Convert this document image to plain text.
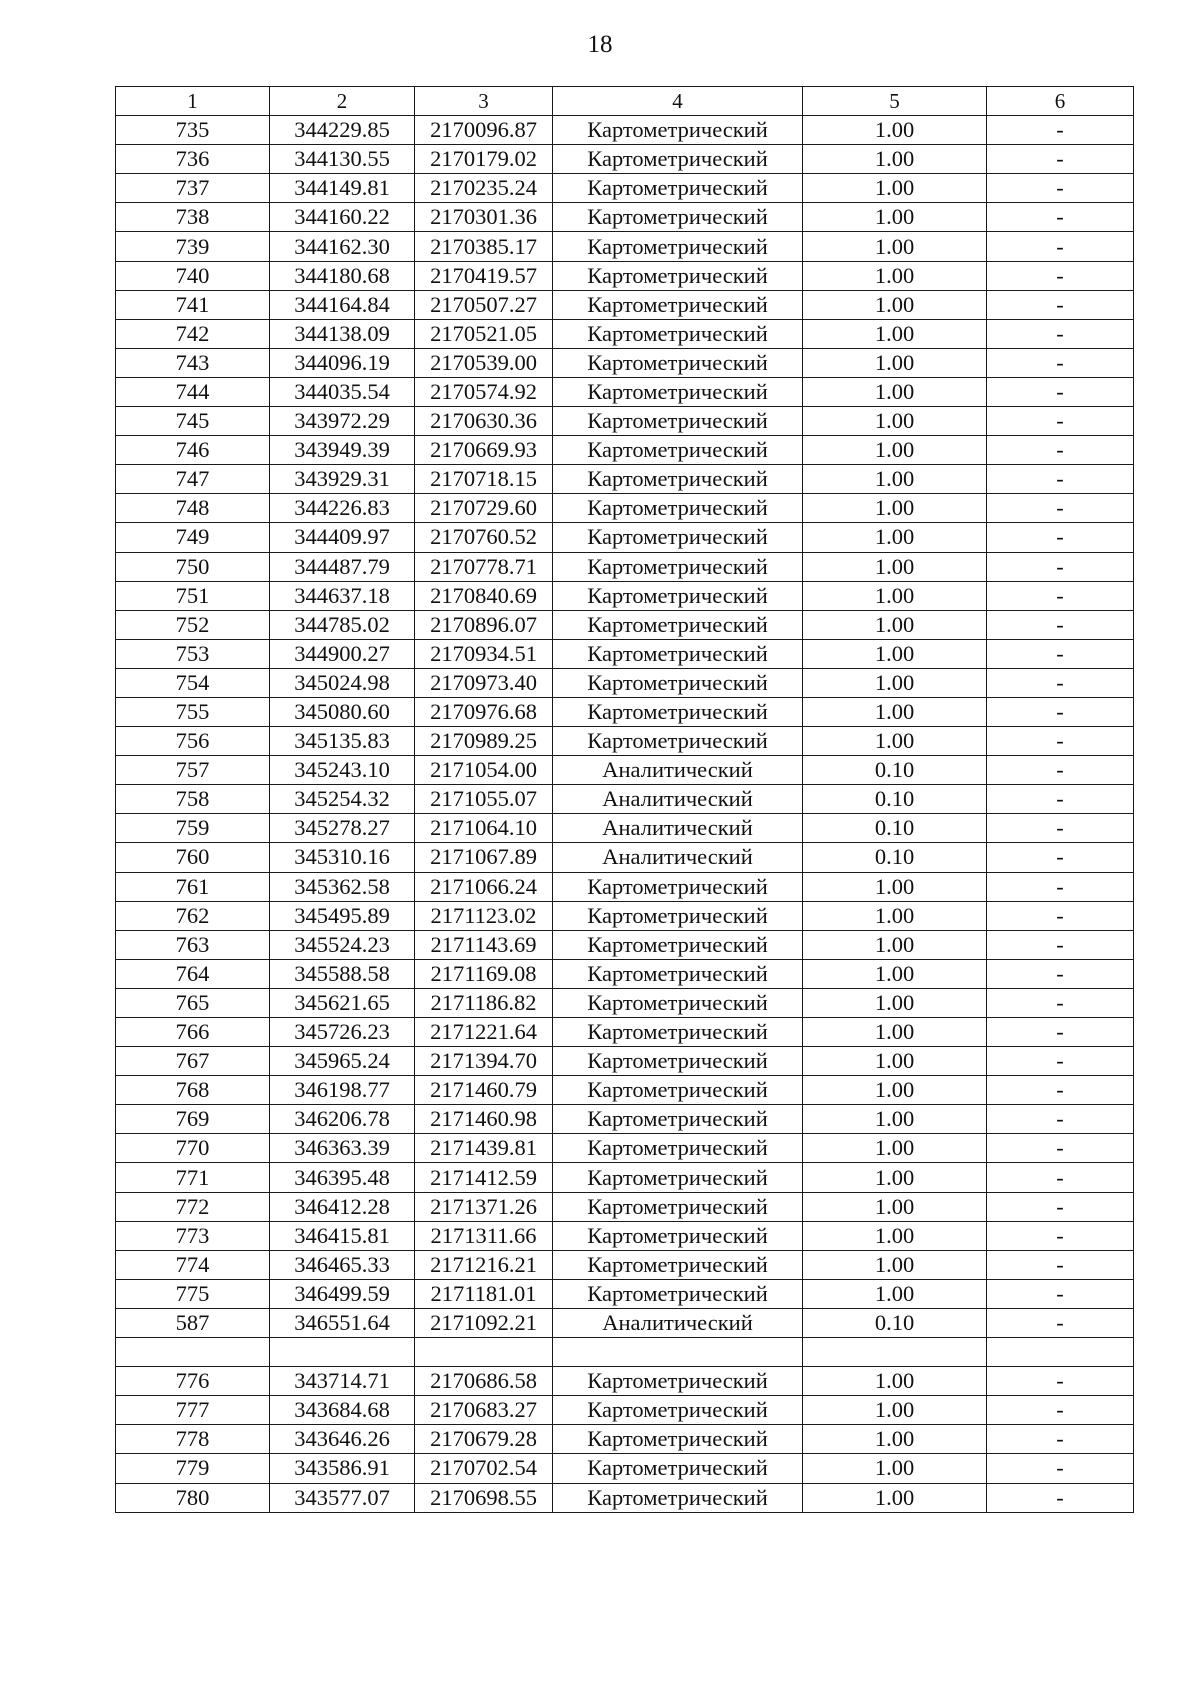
18
1	2	3	4	5	6
735	344229.85	2170096.87	Картометрический	1.00	-
736	344130.55	2170179.02	Картометрический	1.00	-
737	344149.81	2170235.24	Картометрический	1.00	-
738	344160.22	2170301.36	Картометрический	1.00	-
739	344162.30	2170385.17	Картометрический	1.00	-
740	344180.68	2170419.57	Картометрический	1.00	-
741	344164.84	2170507.27	Картометрический	1.00	-
742	344138.09	2170521.05	Картометрический	1.00	-
743	344096.19	2170539.00	Картометрический	1.00	-
744	344035.54	2170574.92	Картометрический	1.00	-
745	343972.29	2170630.36	Картометрический	1.00	-
746	343949.39	2170669.93	Картометрический	1.00	-
747	343929.31	2170718.15	Картометрический	1.00	-
748	344226.83	2170729.60	Картометрический	1.00	-
749	344409.97	2170760.52	Картометрический	1.00	-
750	344487.79	2170778.71	Картометрический	1.00	-
751	344637.18	2170840.69	Картометрический	1.00	-
752	344785.02	2170896.07	Картометрический	1.00	-
753	344900.27	2170934.51	Картометрический	1.00	-
754	345024.98	2170973.40	Картометрический	1.00	-
755	345080.60	2170976.68	Картометрический	1.00	-
756	345135.83	2170989.25	Картометрический	1.00	-
757	345243.10	2171054.00	Аналитический	0.10	-
758	345254.32	2171055.07	Аналитический	0.10	-
759	345278.27	2171064.10	Аналитический	0.10	-
760	345310.16	2171067.89	Аналитический	0.10	-
761	345362.58	2171066.24	Картометрический	1.00	-
762	345495.89	2171123.02	Картометрический	1.00	-
763	345524.23	2171143.69	Картометрический	1.00	-
764	345588.58	2171169.08	Картометрический	1.00	-
765	345621.65	2171186.82	Картометрический	1.00	-
766	345726.23	2171221.64	Картометрический	1.00	-
767	345965.24	2171394.70	Картометрический	1.00	-
768	346198.77	2171460.79	Картометрический	1.00	-
769	346206.78	2171460.98	Картометрический	1.00	-
770	346363.39	2171439.81	Картометрический	1.00	-
771	346395.48	2171412.59	Картометрический	1.00	-
772	346412.28	2171371.26	Картометрический	1.00	-
773	346415.81	2171311.66	Картометрический	1.00	-
774	346465.33	2171216.21	Картометрический	1.00	-
775	346499.59	2171181.01	Картометрический	1.00	-
587	346551.64	2171092.21	Аналитический	0.10	-

776	343714.71	2170686.58	Картометрический	1.00	-
777	343684.68	2170683.27	Картометрический	1.00	-
778	343646.26	2170679.28	Картометрический	1.00	-
779	343586.91	2170702.54	Картометрический	1.00	-
780	343577.07	2170698.55	Картометрический	1.00	-
